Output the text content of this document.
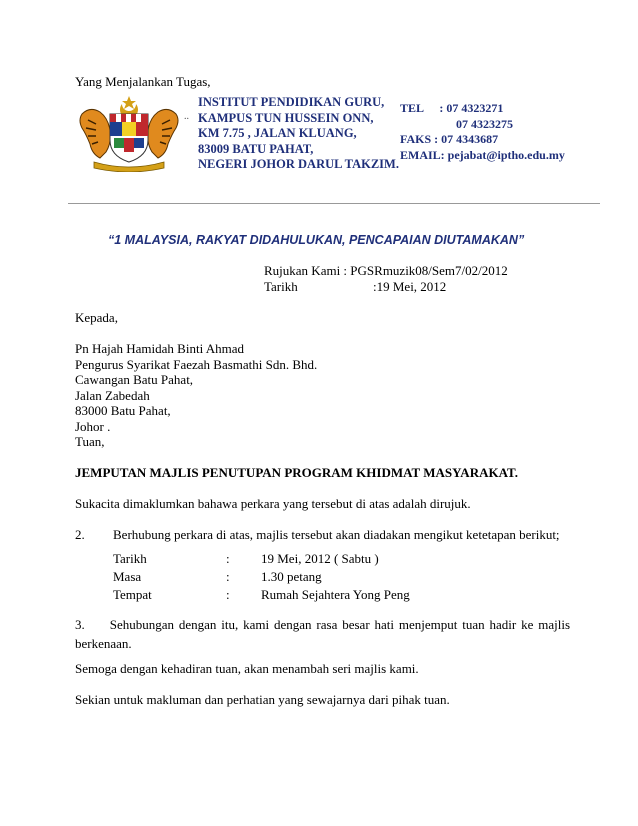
Yang Menjalankan Tugas,
..
INSTITUT PENDIDIKAN GURU,
KAMPUS TUN HUSSEIN ONN,
KM 7.75 , JALAN KLUANG,
83009 BATU PAHAT,
NEGERI JOHOR DARUL TAKZIM.
TEL : 07 4323271
07 4323275
FAKS : 07 4343687
EMAIL: pejabat@iptho.edu.my
“1 MALAYSIA, RAKYAT DIDAHULUKAN, PENCAPAIAN DIUTAMAKAN”
Rujukan Kami : PGSRmuzik08/Sem7/02/2012
Tarikh	:19 Mei, 2012
Kepada,
Pn Hajah Hamidah Binti Ahmad
Pengurus Syarikat Faezah Basmathi Sdn. Bhd.
Cawangan Batu Pahat,
Jalan Zabedah
83000 Batu Pahat,
Johor .
Tuan,
JEMPUTAN MAJLIS PENUTUPAN PROGRAM KHIDMAT MASYARAKAT.
Sukacita dimaklumkan bahawa perkara yang tersebut di atas adalah dirujuk.
2. Berhubung perkara di atas, majlis tersebut akan diadakan mengikut ketetapan berikut;
Tarikh	: 19 Mei, 2012 ( Sabtu )
Masa	: 1.30 petang
Tempat	: Rumah Sejahtera Yong Peng
3. Sehubungan dengan itu, kami dengan rasa besar hati menjemput tuan hadir ke majlis berkenaan.
Semoga dengan kehadiran tuan, akan menambah seri majlis kami.
Sekian untuk makluman dan perhatian yang sewajarnya dari pihak tuan.
